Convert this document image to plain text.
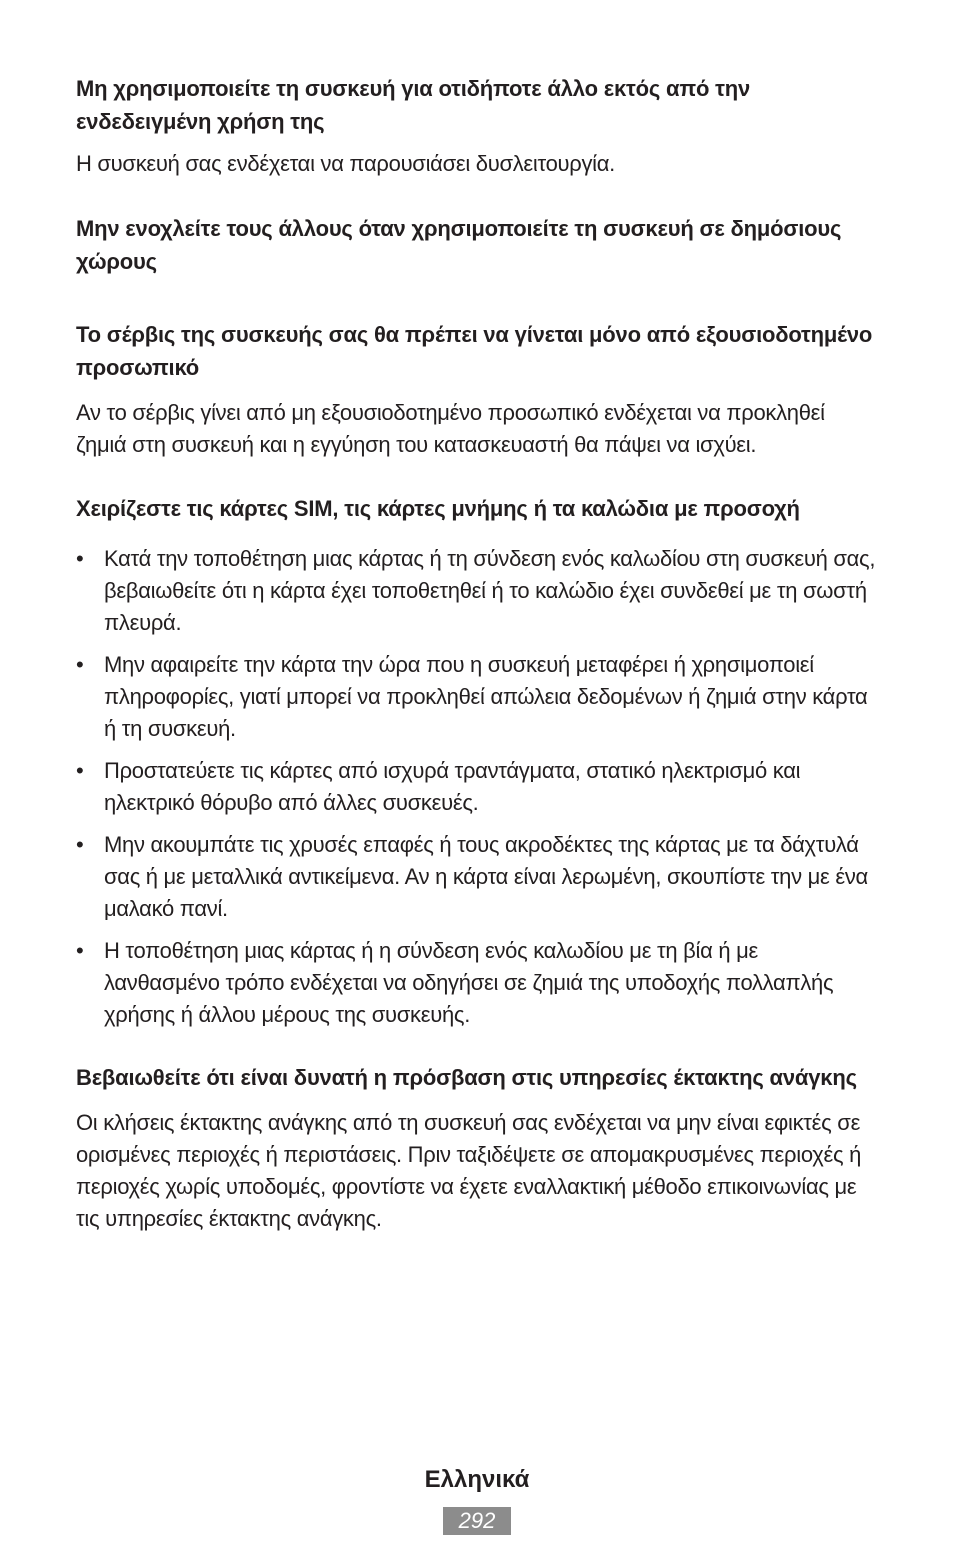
Μη χρησιμοποιείτε τη συσκευή για οτιδήποτε άλλο εκτός από την ενδεδειγμένη χρήση της

Η συσκευή σας ενδέχεται να παρουσιάσει δυσλειτουργία.

Μην ενοχλείτε τους άλλους όταν χρησιμοποιείτε τη συσκευή σε δημόσιους χώρους

Το σέρβις της συσκευής σας θα πρέπει να γίνεται μόνο από εξουσιοδοτημένο προσωπικό

Αν το σέρβις γίνει από μη εξουσιοδοτημένο προσωπικό ενδέχεται να προκληθεί ζημιά στη συσκευή και η εγγύηση του κατασκευαστή θα πάψει να ισχύει.

Χειρίζεστε τις κάρτες SIM, τις κάρτες μνήμης ή τα καλώδια με προσοχή

• Κατά την τοποθέτηση μιας κάρτας ή τη σύνδεση ενός καλωδίου στη συσκευή σας, βεβαιωθείτε ότι η κάρτα έχει τοποθετηθεί ή το καλώδιο έχει συνδεθεί με τη σωστή πλευρά.
• Μην αφαιρείτε την κάρτα την ώρα που η συσκευή μεταφέρει ή χρησιμοποιεί πληροφορίες, γιατί μπορεί να προκληθεί απώλεια δεδομένων ή ζημιά στην κάρτα ή τη συσκευή.
• Προστατεύετε τις κάρτες από ισχυρά τραντάγματα, στατικό ηλεκτρισμό και ηλεκτρικό θόρυβο από άλλες συσκευές.
• Μην ακουμπάτε τις χρυσές επαφές ή τους ακροδέκτες της κάρτας με τα δάχτυλά σας ή με μεταλλικά αντικείμενα. Αν η κάρτα είναι λερωμένη, σκουπίστε την με ένα μαλακό πανί.
• Η τοποθέτηση μιας κάρτας ή η σύνδεση ενός καλωδίου με τη βία ή με λανθασμένο τρόπο ενδέχεται να οδηγήσει σε ζημιά της υποδοχής πολλαπλής χρήσης ή άλλου μέρους της συσκευής.

Βεβαιωθείτε ότι είναι δυνατή η πρόσβαση στις υπηρεσίες έκτακτης ανάγκης

Οι κλήσεις έκτακτης ανάγκης από τη συσκευή σας ενδέχεται να μην είναι εφικτές σε ορισμένες περιοχές ή περιστάσεις. Πριν ταξιδέψετε σε απομακρυσμένες περιοχές ή περιοχές χωρίς υποδομές, φροντίστε να έχετε εναλλακτική μέθοδο επικοινωνίας με τις υπηρεσίες έκτακτης ανάγκης.

Ελληνικά
292
